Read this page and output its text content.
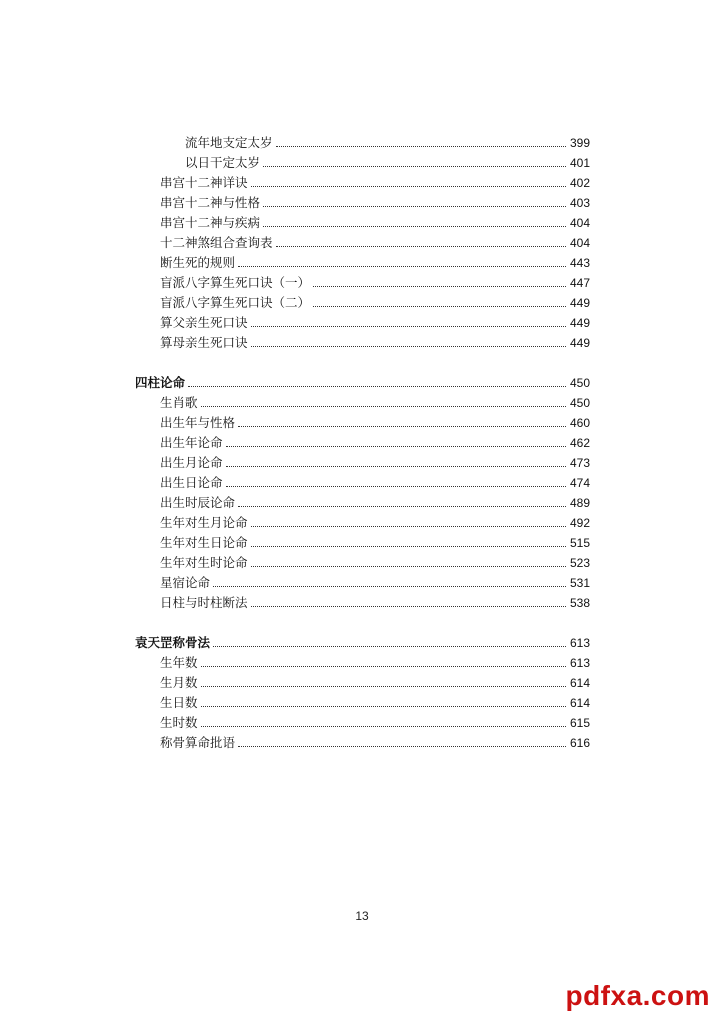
流年地支定太岁	399
以日干定太岁	401
串宫十二神详诀	402
串宫十二神与性格	403
串宫十二神与疾病	404
十二神煞组合查询表	404
断生死的规则	443
盲派八字算生死口诀（一）	447
盲派八字算生死口诀（二）	449
算父亲生死口诀	449
算母亲生死口诀	449
四柱论命	450
生肖歌	450
出生年与性格	460
出生年论命	462
出生月论命	473
出生日论命	474
出生时辰论命	489
生年对生月论命	492
生年对生日论命	515
生年对生时论命	523
星宿论命	531
日柱与时柱断法	538
袁天罡称骨法	613
生年数	613
生月数	614
生日数	614
生时数	615
称骨算命批语	616
13
pdfxa.com
